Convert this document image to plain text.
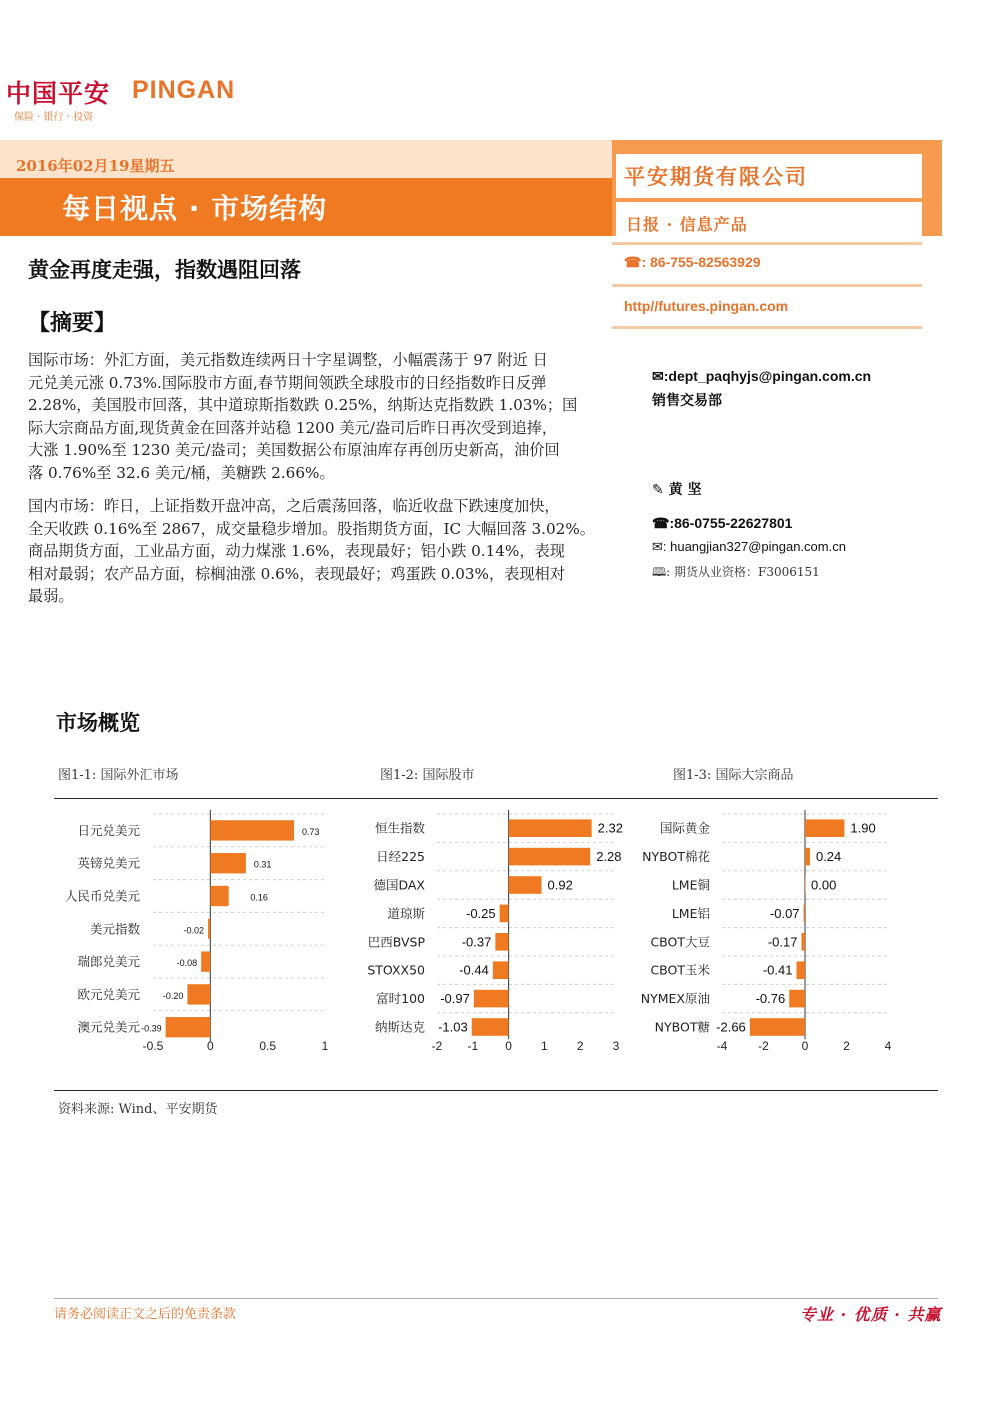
中国平安 PINGAN
保险 · 银行 · 投资
2016年02月19星期五
每日视点 · 市场结构
平安期货有限公司
日报 · 信息产品
☎: 86-755-82563929
http//futures.pingan.com
黄金再度走强，指数遇阻回落
【摘要】
国际市场：外汇方面，美元指数连续两日十字星调整，小幅震荡于 97 附近 日
元兑美元涨 0.73%.国际股市方面,春节期间领跌全球股市的日经指数昨日反弹
2.28%，美国股市回落，其中道琼斯指数跌 0.25%，纳斯达克指数跌 1.03%；国
际大宗商品方面,现货黄金在回落并站稳 1200 美元/盎司后昨日再次受到追捧，
大涨 1.90%至 1230 美元/盎司；美国数据公布原油库存再创历史新高，油价回
落 0.76%至 32.6 美元/桶，美糖跌 2.66%。
国内市场：昨日，上证指数开盘冲高，之后震荡回落，临近收盘下跌速度加快，
全天收跌 0.16%至 2867，成交量稳步增加。股指期货方面，IC 大幅回落 3.02%。
商品期货方面，工业品方面，动力煤涨 1.6%，表现最好；铝小跌 0.14%，表现
相对最弱；农产品方面，棕榈油涨 0.6%，表现最好；鸡蛋跌 0.03%，表现相对
最弱。
✉:dept_paqhyjs@pingan.com.cn
销售交易部
✎ 黄 坚
☎:86-0755-22627801
✉: huangjian327@pingan.com.cn
🕮: 期货从业资格：F3006151
市场概览
图1-1: 国际外汇市场	图1-2: 国际股市	图1-3: 国际大宗商品
日元兑美元	0.73
英镑兑美元	0.31
人民币兑美元	0.16
美元指数	-0.02
瑞郎兑美元	-0.08
欧元兑美元	-0.20
澳元兑美元 -0.39
-0.5	0	0.5	1
恒生指数	2.32
日经225	2.28
德国DAX	0.92
道琼斯	-0.25
巴西BVSP	-0.37
STOXX50	-0.44
富时100 -0.97
纳斯达克 -1.03
-2 -1 0 1 2 3
国际黄金	1.90
NYBOT棉花	0.24
LME铜	0.00
LME铝	-0.07
CBOT大豆	-0.17
CBOT玉米	-0.41
NYMEX原油	-0.76
NYBOT糖 -2.66
-4	-2	0	2	4
资料来源: Wind、平安期货
请务必阅读正文之后的免责条款	专业 · 优质 · 共赢
